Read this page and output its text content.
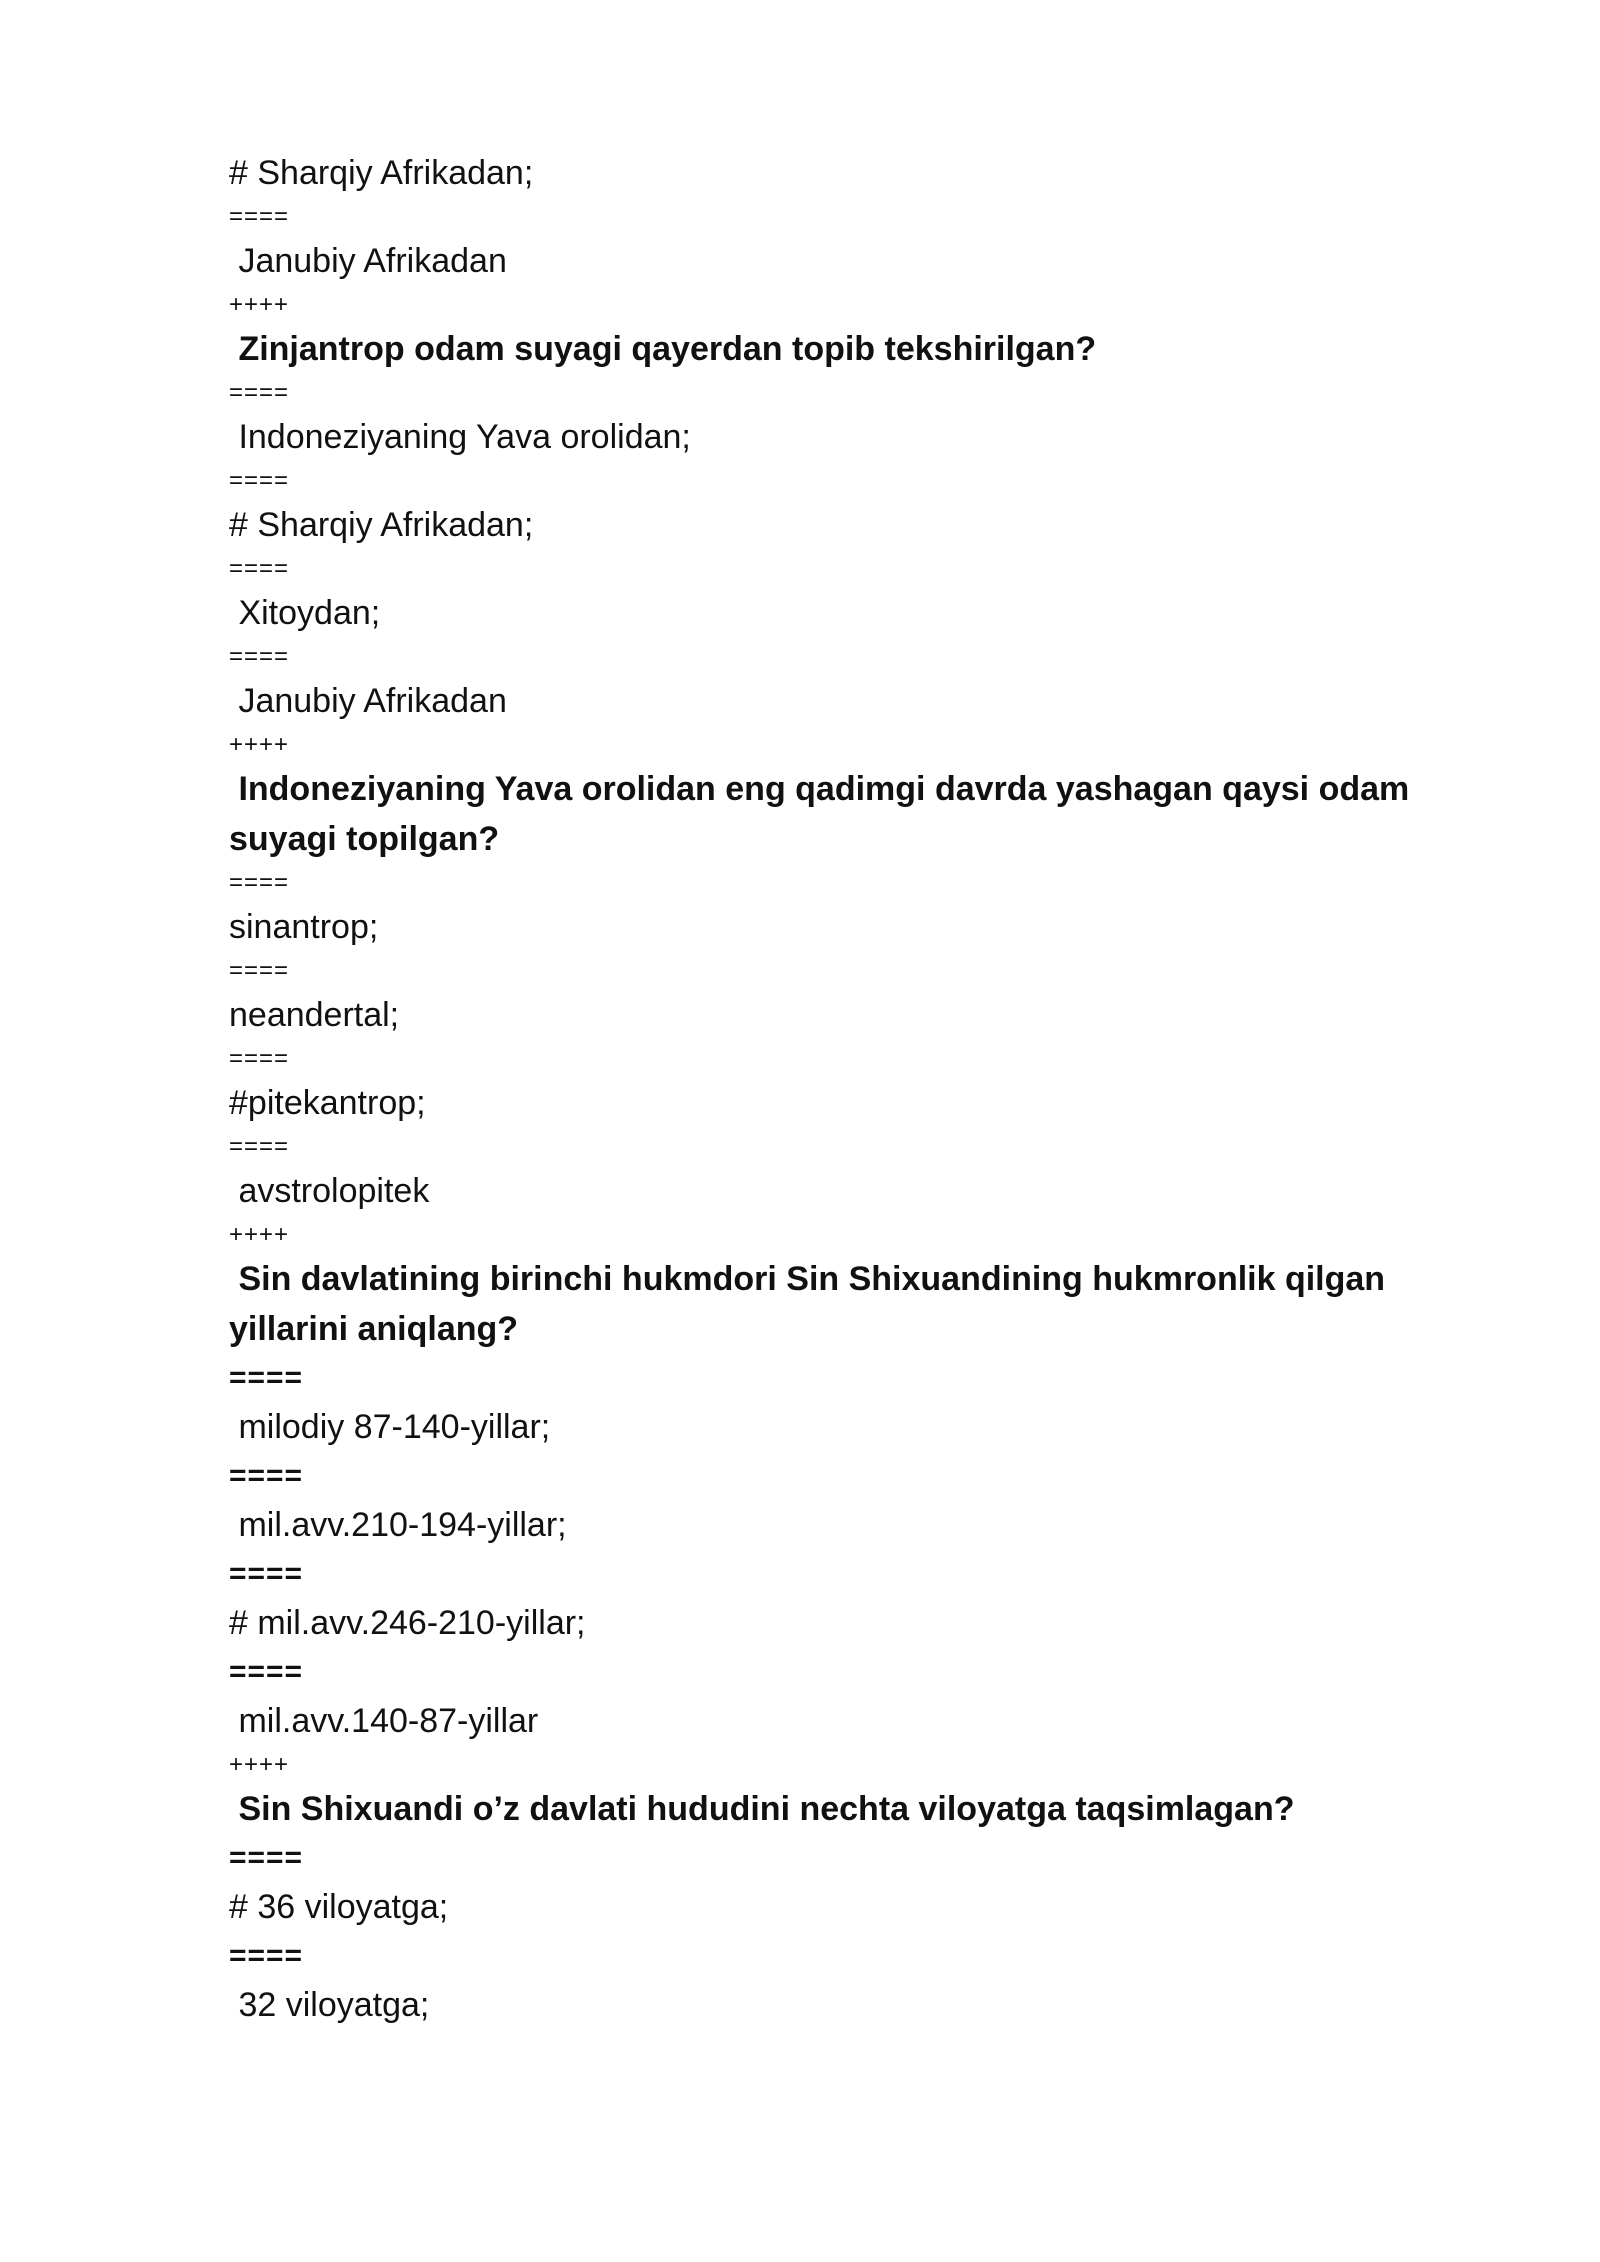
# Sharqiy Afrikadan;

====

Janubiy Afrikadan

++++

Zinjantrop odam suyagi qayerdan topib tekshirilgan?

====

Indoneziyaning Yava orolidan;

====

# Sharqiy Afrikadan;

====

Xitoydan;

====

Janubiy Afrikadan

++++

Indoneziyaning Yava orolidan eng qadimgi davrda yashagan qaysi odam suyagi topilgan?

====

sinantrop;

====

neandertal;

====

#pitekantrop;

====

avstrolopitek

++++

Sin davlatining birinchi hukmdori Sin Shixuandining hukmronlik qilgan yillarini aniqlang?

====

milodiy 87-140-yillar;

====

mil.avv.210-194-yillar;

====

# mil.avv.246-210-yillar;

====

mil.avv.140-87-yillar

++++

Sin Shixuandi o’z davlati hududini nechta viloyatga taqsimlagan?

====

# 36 viloyatga;

====

32 viloyatga;
